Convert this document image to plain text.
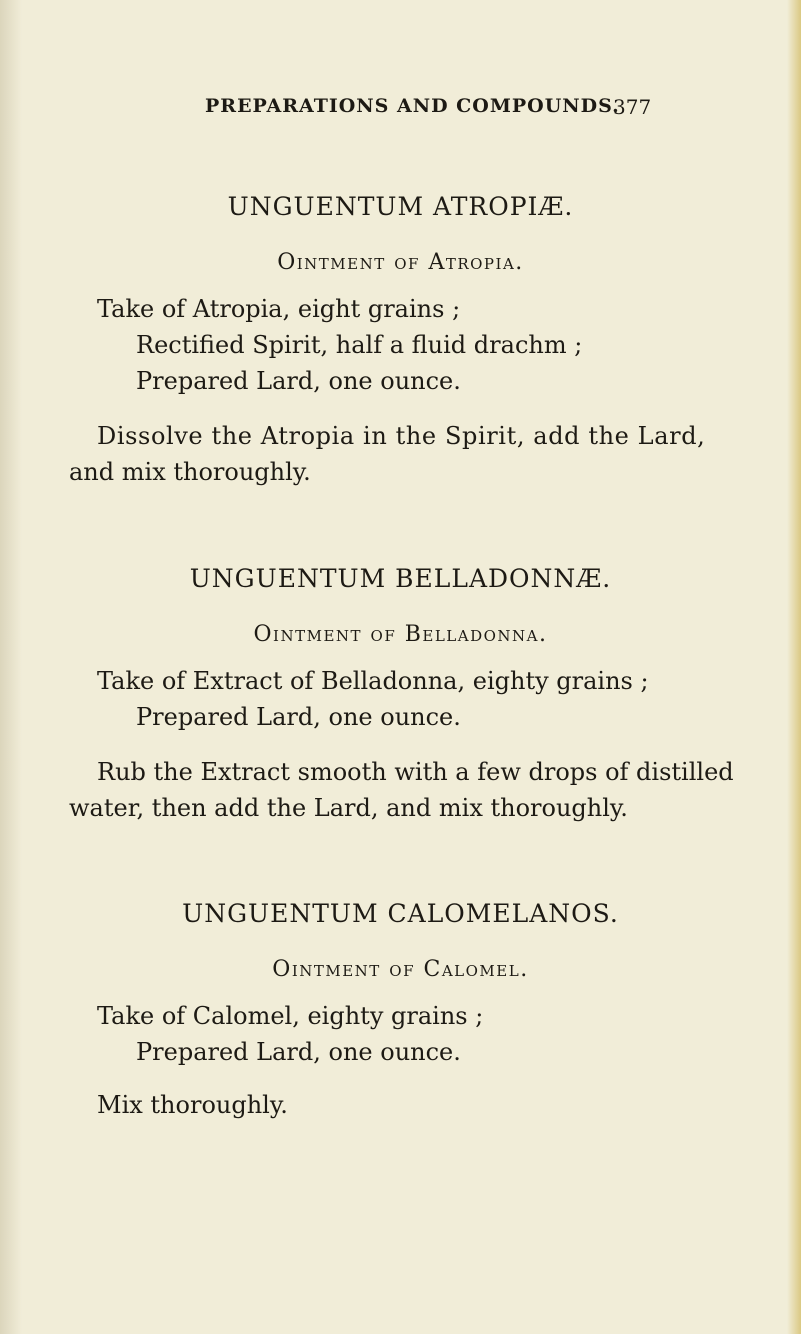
PREPARATIONS AND COMPOUNDS.
377
UNGUENTUM ATROPIÆ.
Ointment of Atropia.
Take of Atropia, eight grains ;
Rectified Spirit, half a fluid drachm ;
Prepared Lard, one ounce.
Dissolve the Atropia in the Spirit, add the Lard,
and mix thoroughly.
UNGUENTUM BELLADONNÆ.
Ointment of Belladonna.
Take of Extract of Belladonna, eighty grains ;
Prepared Lard, one ounce.
Rub the Extract smooth with a few drops of distilled
water, then add the Lard, and mix thoroughly.
UNGUENTUM CALOMELANOS.
Ointment of Calomel.
Take of Calomel, eighty grains ;
Prepared Lard, one ounce.
Mix thoroughly.
